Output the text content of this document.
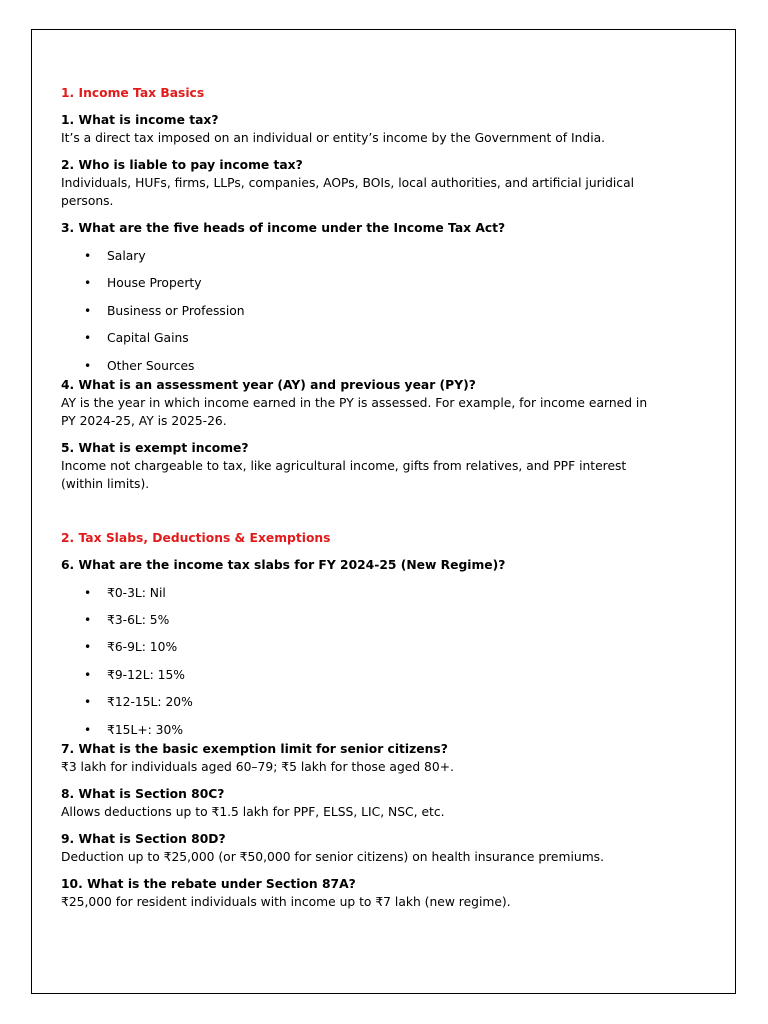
1. Income Tax Basics

1. What is income tax?

It’s a direct tax imposed on an individual or entity’s income by the Government of India.

2. Who is liable to pay income tax?

Individuals, HUFs, firms, LLPs, companies, AOPs, BOIs, local authorities, and artificial juridical persons.

3. What are the five heads of income under the Income Tax Act?

• Salary
• House Property
• Business or Profession
• Capital Gains
• Other Sources

4. What is an assessment year (AY) and previous year (PY)?

AY is the year in which income earned in the PY is assessed. For example, for income earned in PY 2024-25, AY is 2025-26.

5. What is exempt income?

Income not chargeable to tax, like agricultural income, gifts from relatives, and PPF interest (within limits).

2. Tax Slabs, Deductions & Exemptions

6. What are the income tax slabs for FY 2024-25 (New Regime)?

• ₹0-3L: Nil
• ₹3-6L: 5%
• ₹6-9L: 10%
• ₹9-12L: 15%
• ₹12-15L: 20%
• ₹15L+: 30%

7. What is the basic exemption limit for senior citizens?

₹3 lakh for individuals aged 60–79; ₹5 lakh for those aged 80+.

8. What is Section 80C?

Allows deductions up to ₹1.5 lakh for PPF, ELSS, LIC, NSC, etc.

9. What is Section 80D?

Deduction up to ₹25,000 (or ₹50,000 for senior citizens) on health insurance premiums.

10. What is the rebate under Section 87A?

₹25,000 for resident individuals with income up to ₹7 lakh (new regime).
